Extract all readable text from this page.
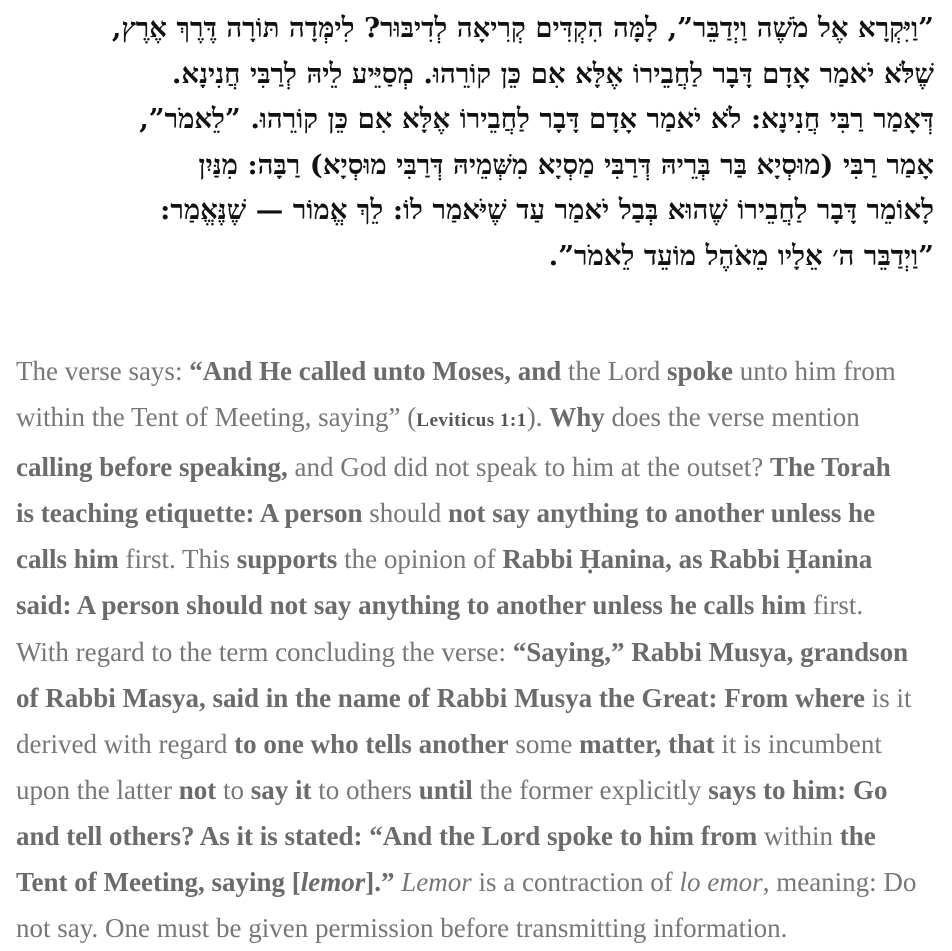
”וַיִּקְרָא אֶל מֹשֶׁה וַיְדַבֵּר”, לָמָּה הִקְדִּים קְרִיאָה לְדִיבּוּר? לִימְּדָה תּוֹרָה דֶּרֶךְ אֶרֶץ,
שֶׁלֹּא יֹאמַר אָדָם דָּבָר לַחֲבֵירוֹ אֶלָּא אִם כֵּן קוֹרֵהוּ. מְסַיֵּיע לֵיהּ לְרַבִּי חֲנִינָא.
דְּאָמַר רַבִּי חֲנִינָא: לֹא יֹאמַר אָדָם דָּבָר לַחֲבֵירוֹ אֶלָּא אִם כֵּן קוֹרֵהוּ. ”לֵאמֹר”,
אָמַר רַבִּי (מוּסְיָא בַּר בְּרֵיהּ דְּרַבִּי מַסְיָא מִשְּׁמֵיהּ דְּרַבִּי מוּסְיָא) רַבָּה: מִנַּיִן
לָאוֹמֵר דָּבָר לַחֲבֵירוֹ שֶׁהוּא בְּבַל יֹאמַר עַד שֶׁיֹּאמַר לוֹ: לֵךְ אֱמוֹר — שֶׁנֶּאֱמַר:
”וַיְדַבֵּר ה׳ אֵלָיו מֵאֹהֶל מוֹעֵד לֵאמֹר”.
The verse says: “And He called unto Moses, and the Lord spoke unto him from
within the Tent of Meeting, saying” (Leviticus 1:1). Why does the verse mention
calling before speaking, and God did not speak to him at the outset? The Torah
is teaching etiquette: A person should not say anything to another unless he
calls him first. This supports the opinion of Rabbi Ḥanina, as Rabbi Ḥanina
said: A person should not say anything to another unless he calls him first.
With regard to the term concluding the verse: “Saying,” Rabbi Musya, grandson
of Rabbi Masya, said in the name of Rabbi Musya the Great: From where is it
derived with regard to one who tells another some matter, that it is incumbent
upon the latter not to say it to others until the former explicitly says to him: Go
and tell others? As it is stated: “And the Lord spoke to him from within the
Tent of Meeting, saying [lemor].” Lemor is a contraction of lo emor, meaning: Do
not say. One must be given permission before transmitting information.
